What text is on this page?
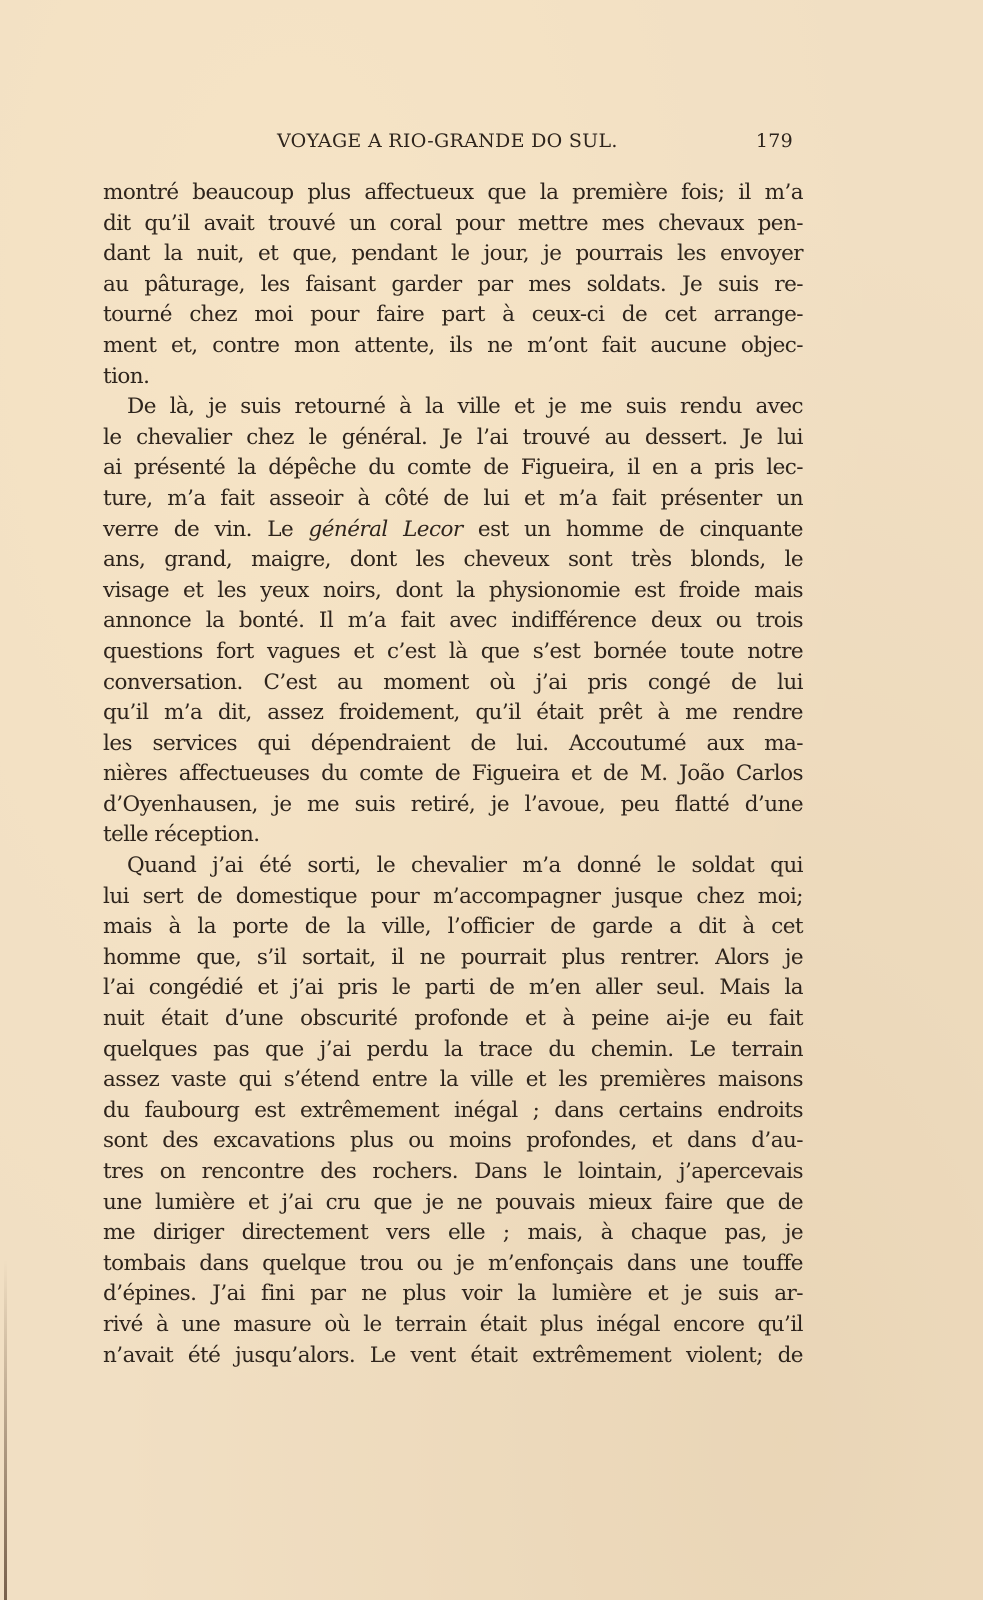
VOYAGE A RIO-GRANDE DO SUL.	179
montré beaucoup plus affectueux que la première fois; il m’a
dit qu’il avait trouvé un coral pour mettre mes chevaux pen-
dant la nuit, et que, pendant le jour, je pourrais les envoyer
au pâturage, les faisant garder par mes soldats. Je suis re-
tourné chez moi pour faire part à ceux-ci de cet arrange-
ment et, contre mon attente, ils ne m’ont fait aucune objec-
tion.
De là, je suis retourné à la ville et je me suis rendu avec
le chevalier chez le général. Je l’ai trouvé au dessert. Je lui
ai présenté la dépêche du comte de Figueira, il en a pris lec-
ture, m’a fait asseoir à côté de lui et m’a fait présenter un
verre de vin. Le général Lecor est un homme de cinquante
ans, grand, maigre, dont les cheveux sont très blonds, le
visage et les yeux noirs, dont la physionomie est froide mais
annonce la bonté. Il m’a fait avec indifférence deux ou trois
questions fort vagues et c’est là que s’est bornée toute notre
conversation. C’est au moment où j’ai pris congé de lui
qu’il m’a dit, assez froidement, qu’il était prêt à me rendre
les services qui dépendraient de lui. Accoutumé aux ma-
nières affectueuses du comte de Figueira et de M. João Carlos
d’Oyenhausen, je me suis retiré, je l’avoue, peu flatté d’une
telle réception.
Quand j’ai été sorti, le chevalier m’a donné le soldat qui
lui sert de domestique pour m’accompagner jusque chez moi;
mais à la porte de la ville, l’officier de garde a dit à cet
homme que, s’il sortait, il ne pourrait plus rentrer. Alors je
l’ai congédié et j’ai pris le parti de m’en aller seul. Mais la
nuit était d’une obscurité profonde et à peine ai-je eu fait
quelques pas que j’ai perdu la trace du chemin. Le terrain
assez vaste qui s’étend entre la ville et les premières maisons
du faubourg est extrêmement inégal ; dans certains endroits
sont des excavations plus ou moins profondes, et dans d’au-
tres on rencontre des rochers. Dans le lointain, j’apercevais
une lumière et j’ai cru que je ne pouvais mieux faire que de
me diriger directement vers elle ; mais, à chaque pas, je
tombais dans quelque trou ou je m’enfonçais dans une touffe
d’épines. J’ai fini par ne plus voir la lumière et je suis ar-
rivé à une masure où le terrain était plus inégal encore qu’il
n’avait été jusqu’alors. Le vent était extrêmement violent; de
